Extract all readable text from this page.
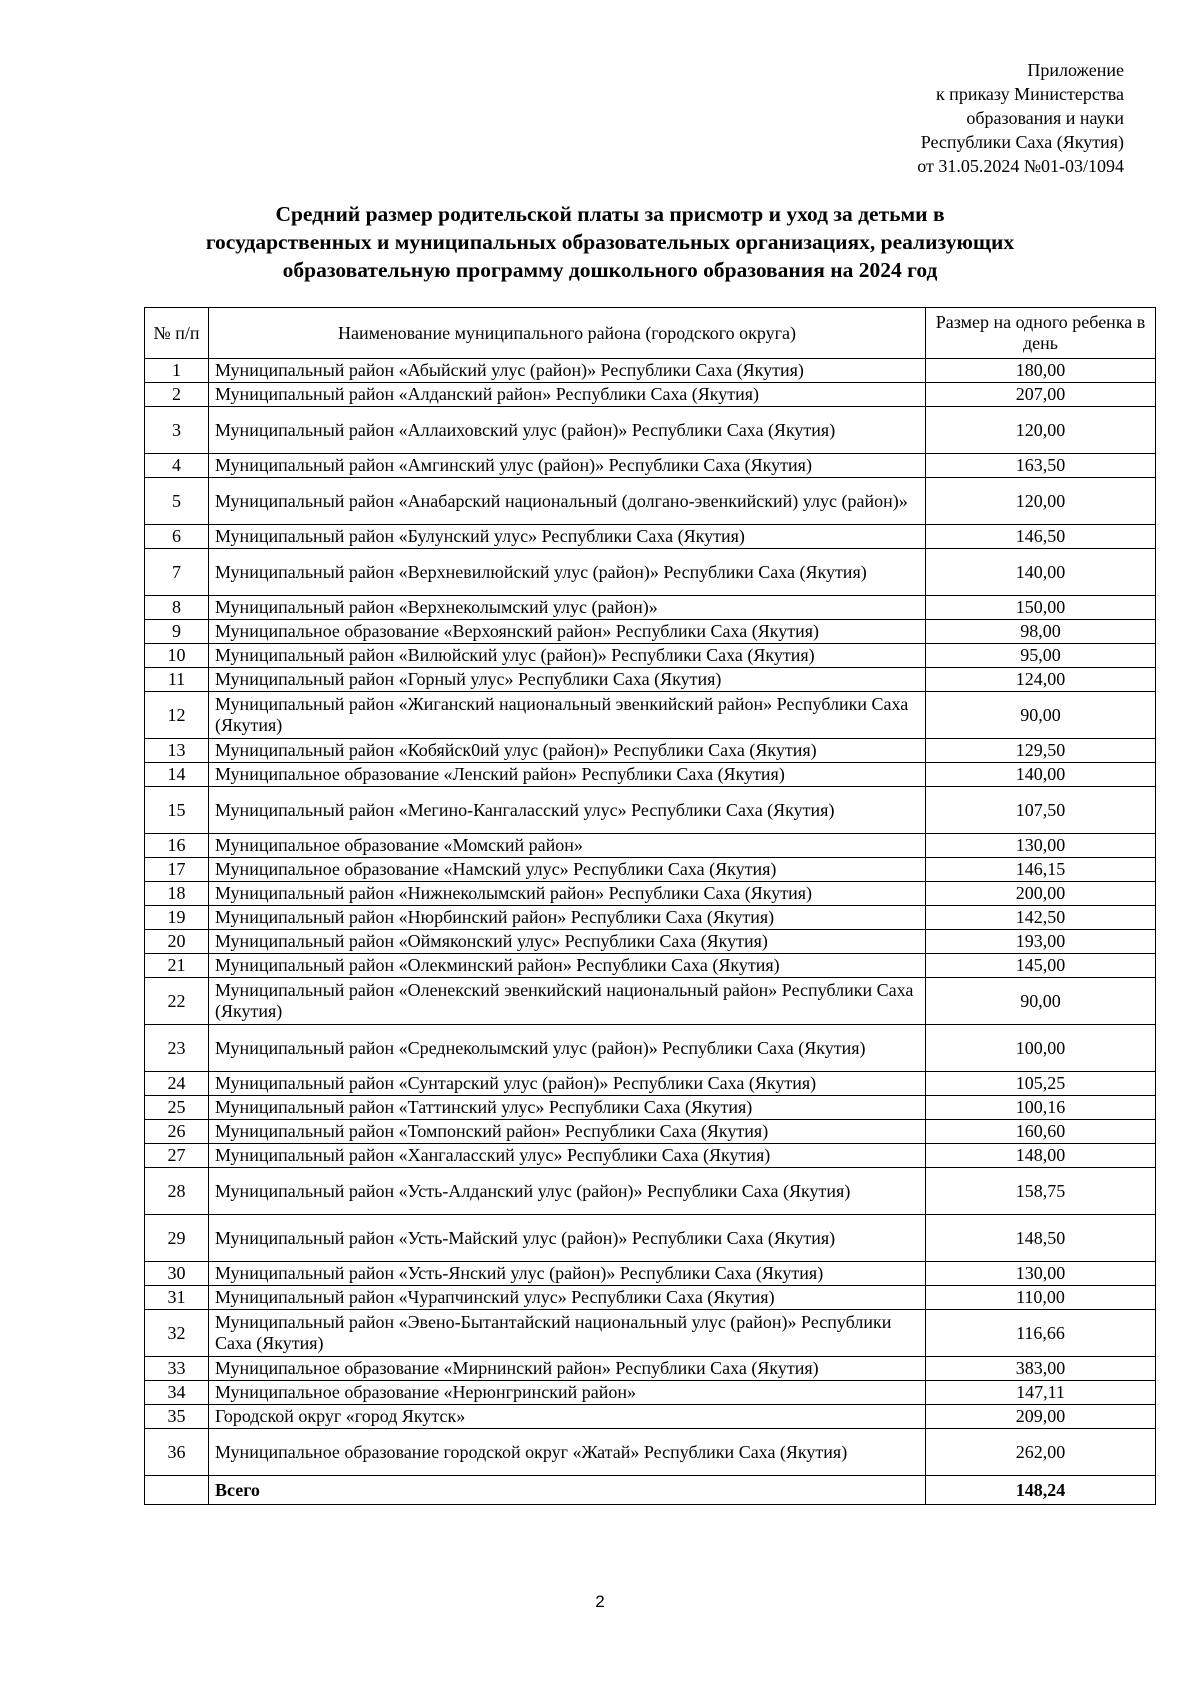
Приложение
к приказу Министерства
образования и науки
Республики Саха (Якутия)
от 31.05.2024 №01-03/1094
Средний размер родительской платы за присмотр и уход за детьми в
государственных и муниципальных образовательных организациях, реализующих
образовательную программу дошкольного образования на 2024 год
№ п/п	Наименование муниципального района (городского округа)	Размер на одного ребенка в день
1	Муниципальный район «Абыйский улус (район)» Республики Саха (Якутия)	180,00
2	Муниципальный район «Алданский район» Республики Саха (Якутия)	207,00
3	Муниципальный район «Аллаиховский улус (район)» Республики Саха (Якутия)	120,00
4	Муниципальный район «Амгинский улус (район)» Республики Саха (Якутия)	163,50
5	Муниципальный район «Анабарский национальный (долгано-эвенкийский) улус (район)»	120,00
6	Муниципальный район «Булунский улус» Республики Саха (Якутия)	146,50
7	Муниципальный район «Верхневилюйский улус (район)» Республики Саха (Якутия)	140,00
8	Муниципальный район «Верхнеколымский улус (район)»	150,00
9	Муниципальное образование «Верхоянский район» Республики Саха (Якутия)	98,00
10	Муниципальный район «Вилюйский улус (район)» Республики Саха (Якутия)	95,00
11	Муниципальный район «Горный улус» Республики Саха (Якутия)	124,00
12	Муниципальный район «Жиганский национальный эвенкийский район» Республики Саха (Якутия)	90,00
13	Муниципальный район «Кобяйск0ий улус (район)» Республики Саха (Якутия)	129,50
14	Муниципальное образование «Ленский район» Республики Саха (Якутия)	140,00
15	Муниципальный район «Мегино-Кангаласский улус» Республики Саха (Якутия)	107,50
16	Муниципальное образование «Момский район»	130,00
17	Муниципальное образование «Намский улус» Республики Саха (Якутия)	146,15
18	Муниципальный район «Нижнеколымский район» Республики Саха (Якутия)	200,00
19	Муниципальный район «Нюрбинский район» Республики Саха (Якутия)	142,50
20	Муниципальный район «Оймяконский улус» Республики Саха (Якутия)	193,00
21	Муниципальный район «Олекминский район» Республики Саха (Якутия)	145,00
22	Муниципальный район «Оленекский эвенкийский национальный район» Республики Саха (Якутия)	90,00
23	Муниципальный район «Среднеколымский улус (район)» Республики Саха (Якутия)	100,00
24	Муниципальный район «Сунтарский улус (район)» Республики Саха (Якутия)	105,25
25	Муниципальный район «Таттинский улус» Республики Саха (Якутия)	100,16
26	Муниципальный район «Томпонский район» Республики Саха (Якутия)	160,60
27	Муниципальный район «Хангаласский улус» Республики Саха (Якутия)	148,00
28	Муниципальный район «Усть-Алданский улус (район)» Республики Саха (Якутия)	158,75
29	Муниципальный район «Усть-Майский улус (район)» Республики Саха (Якутия)	148,50
30	Муниципальный район «Усть-Янский улус (район)» Республики Саха (Якутия)	130,00
31	Муниципальный район «Чурапчинский улус» Республики Саха (Якутия)	110,00
32	Муниципальный район «Эвено-Бытантайский национальный улус (район)» Республики Саха (Якутия)	116,66
33	Муниципальное образование «Мирнинский район» Республики Саха (Якутия)	383,00
34	Муниципальное образование «Нерюнгринский район»	147,11
35	Городской округ «город Якутск»	209,00
36	Муниципальное образование городской округ «Жатай» Республики Саха (Якутия)	262,00
	Всего	148,24
2
